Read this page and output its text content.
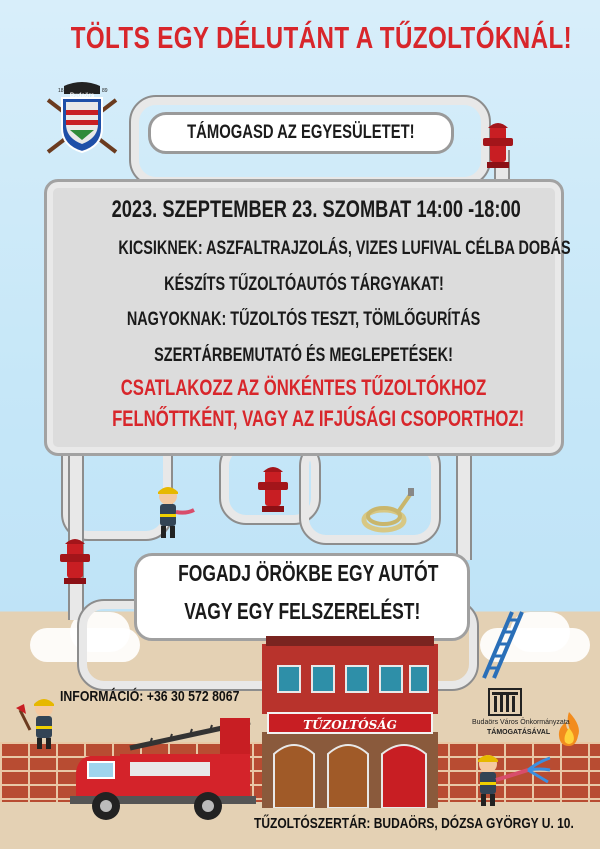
TÖLTS EGY DÉLUTÁNT A TŰZOLTÓKNÁL!
Budaörs
18	89
TÁMOGASD AZ EGYESÜLETET!
2023. SZEPTEMBER 23. SZOMBAT 14:00 -18:00
KICSIKNEK: ASZFALTRAJZOLÁS, VIZES LUFIVAL CÉLBA DOBÁS
KÉSZÍTS TŰZOLTÓAUTÓS TÁRGYAKAT!
NAGYOKNAK: TŰZOLTÓS TESZT, TÖMLŐGURÍTÁS
SZERTÁRBEMUTATÓ ÉS MEGLEPETÉSEK!
CSATLAKOZZ AZ ÖNKÉNTES TŰZOLTÓKHOZ
FELNŐTTKÉNT, VAGY AZ IFJÚSÁGI CSOPORTHOZ!
FOGADJ ÖRÖKBE EGY AUTÓT
VAGY EGY FELSZERELÉST!
TŰZOLTÓSÁG	Budaörs Város Önkormányzata
TÁMOGATÁSÁVAL
INFORMÁCIÓ: +36 30 572 8067
TŰZOLTÓSZERTÁR: BUDAÖRS, DÓZSA GYÖRGY U. 10.
